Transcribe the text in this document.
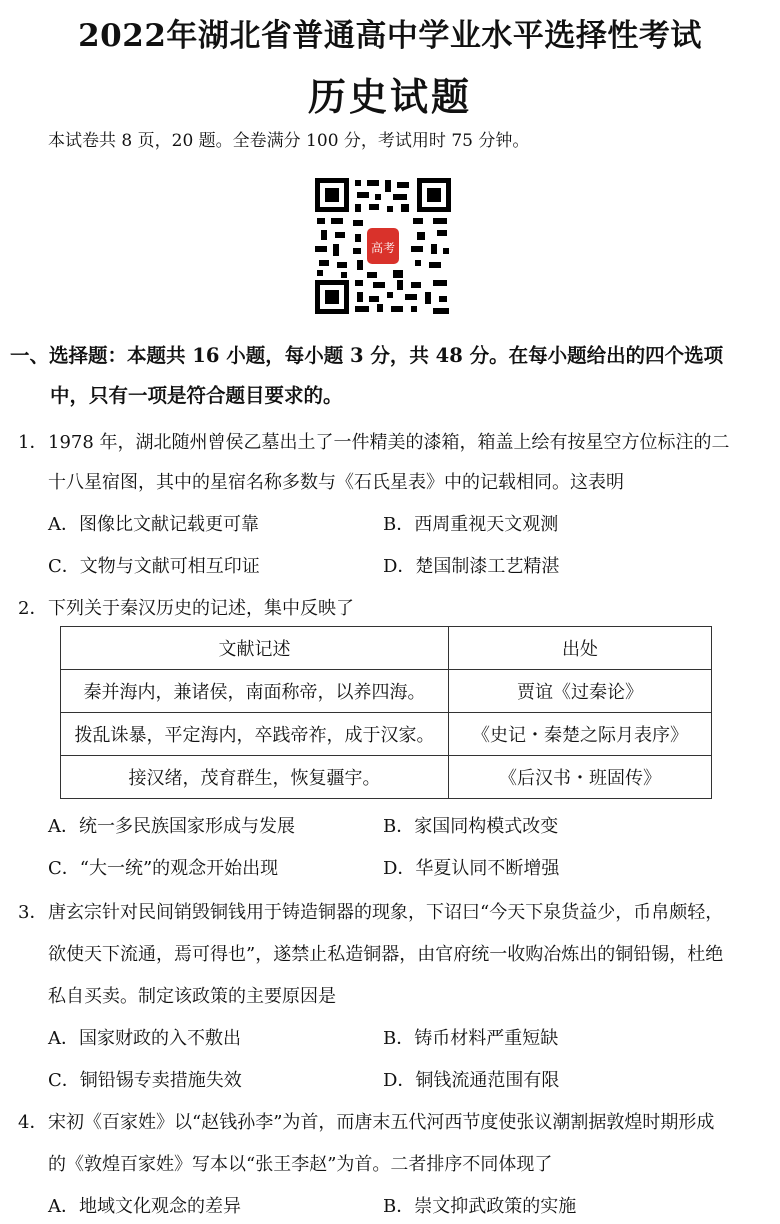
2022年湖北省普通高中学业水平选择性考试
历史试题
本试卷共 8 页，20 题。全卷满分 100 分，考试用时 75 分钟。
高考
一、选择题：本题共 16 小题，每小题 3 分，共 48 分。在每小题给出的四个选项
中，只有一项是符合题目要求的。
1． 1978 年，湖北随州曾侯乙墓出土了一件精美的漆箱，箱盖上绘有按星空方位标注的二
十八星宿图，其中的星宿名称多数与《石氏星表》中的记载相同。这表明
A．图像比文献记载更可靠	B．西周重视天文观测
C．文物与文献可相互印证	D．楚国制漆工艺精湛
2． 下列关于秦汉历史的记述，集中反映了
文献记述	出处
秦并海内，兼诸侯，南面称帝，以养四海。	贾谊《过秦论》
拨乱诛暴，平定海内，卒践帝祚，成于汉家。	《史记・秦楚之际月表序》
接汉绪，茂育群生，恢复疆宇。	《后汉书・班固传》
A．统一多民族国家形成与发展	B．家国同构模式改变
C．“大一统”的观念开始出现	D．华夏认同不断增强
3． 唐玄宗针对民间销毁铜钱用于铸造铜器的现象，下诏曰“今天下泉货益少，币帛颇轻，
欲使天下流通，焉可得也”，遂禁止私造铜器，由官府统一收购冶炼出的铜铅锡，杜绝
私自买卖。制定该政策的主要原因是
A．国家财政的入不敷出	B．铸币材料严重短缺
C．铜铅锡专卖措施失效	D．铜钱流通范围有限
4． 宋初《百家姓》以“赵钱孙李”为首，而唐末五代河西节度使张议潮割据敦煌时期形成
的《敦煌百家姓》写本以“张王李赵”为首。二者排序不同体现了
A．地域文化观念的差异	B．崇文抑武政策的实施
